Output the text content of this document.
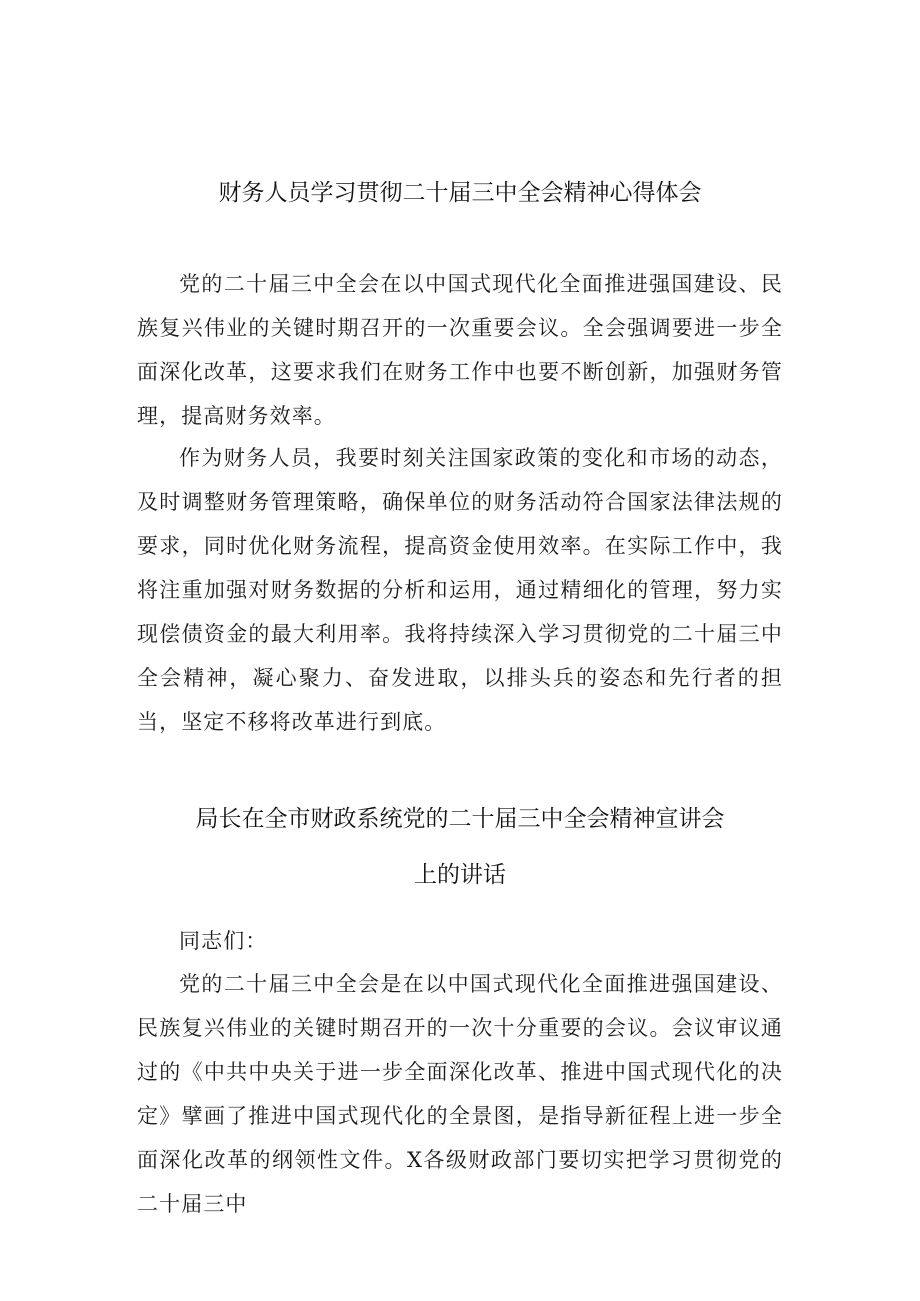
财务人员学习贯彻二十届三中全会精神心得体会

党的二十届三中全会在以中国式现代化全面推进强国建设、民族复兴伟业的关键时期召开的一次重要会议。全会强调要进一步全面深化改革，这要求我们在财务工作中也要不断创新，加强财务管理，提高财务效率。

作为财务人员，我要时刻关注国家政策的变化和市场的动态，及时调整财务管理策略，确保单位的财务活动符合国家法律法规的要求，同时优化财务流程，提高资金使用效率。在实际工作中，我将注重加强对财务数据的分析和运用，通过精细化的管理，努力实现偿债资金的最大利用率。我将持续深入学习贯彻党的二十届三中全会精神，凝心聚力、奋发进取，以排头兵的姿态和先行者的担当，坚定不移将改革进行到底。

局长在全市财政系统党的二十届三中全会精神宣讲会
上的讲话

同志们：

党的二十届三中全会是在以中国式现代化全面推进强国建设、民族复兴伟业的关键时期召开的一次十分重要的会议。会议审议通过的《中共中央关于进一步全面深化改革、推进中国式现代化的决定》擘画了推进中国式现代化的全景图，是指导新征程上进一步全面深化改革的纲领性文件。X各级财政部门要切实把学习贯彻党的二十届三中
